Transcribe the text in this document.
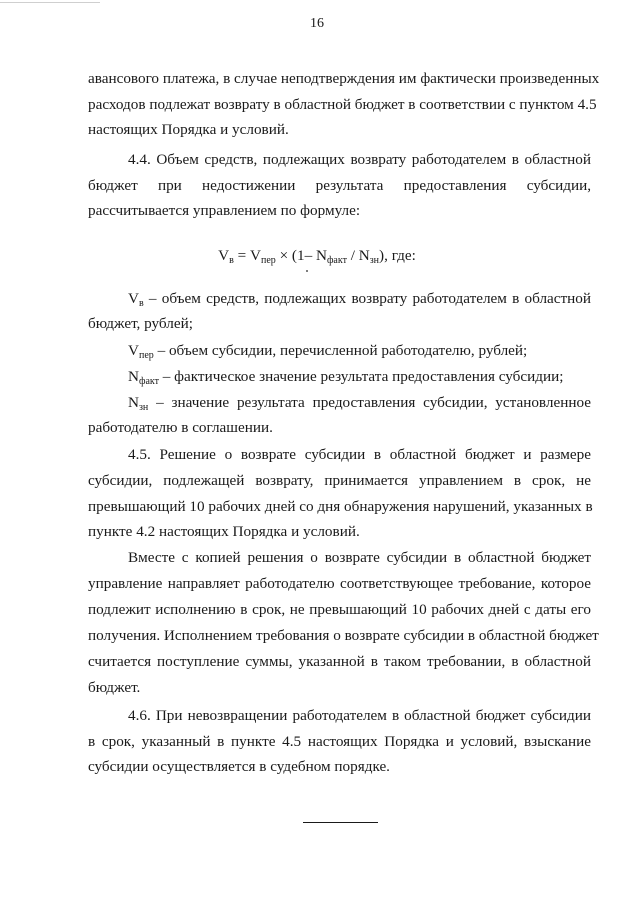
16
авансового платежа, в случае неподтверждения им фактически произведенных
расходов подлежат возврату в областной бюджет в соответствии с пунктом 4.5
настоящих Порядка и условий.
4.4. Объем средств, подлежащих возврату работодателем в областной
бюджет при недостижении результата предоставления субсидии,
рассчитывается управлением по формуле:
$V_в = V_{пер} \times (1-$ $N_{факт} / N_{зн}$), где:
$V_в$ – объем средств, подлежащих возврату работодателем в областной
бюджет, рублей;
$V_{пер}$ – объем субсидии, перечисленной работодателю, рублей;
$N_{факт}$ – фактическое значение результата предоставления субсидии;
$N_{зн}$ – значение результата предоставления субсидии, установленное
работодателю в соглашении.
4.5. Решение о возврате субсидии в областной бюджет и размере
субсидии, подлежащей возврату, принимается управлением в срок, не
превышающий 10 рабочих дней со дня обнаружения нарушений, указанных в
пункте 4.2 настоящих Порядка и условий.
Вместе с копией решения о возврате субсидии в областной бюджет
управление направляет работодателю соответствующее требование, которое
подлежит исполнению в срок, не превышающий 10 рабочих дней с даты его
получения. Исполнением требования о возврате субсидии в областной бюджет
считается поступление суммы, указанной в таком требовании, в областной
бюджет.
4.6. При невозвращении работодателем в областной бюджет субсидии
в срок, указанный в пункте 4.5 настоящих Порядка и условий, взыскание
субсидии осуществляется в судебном порядке.
